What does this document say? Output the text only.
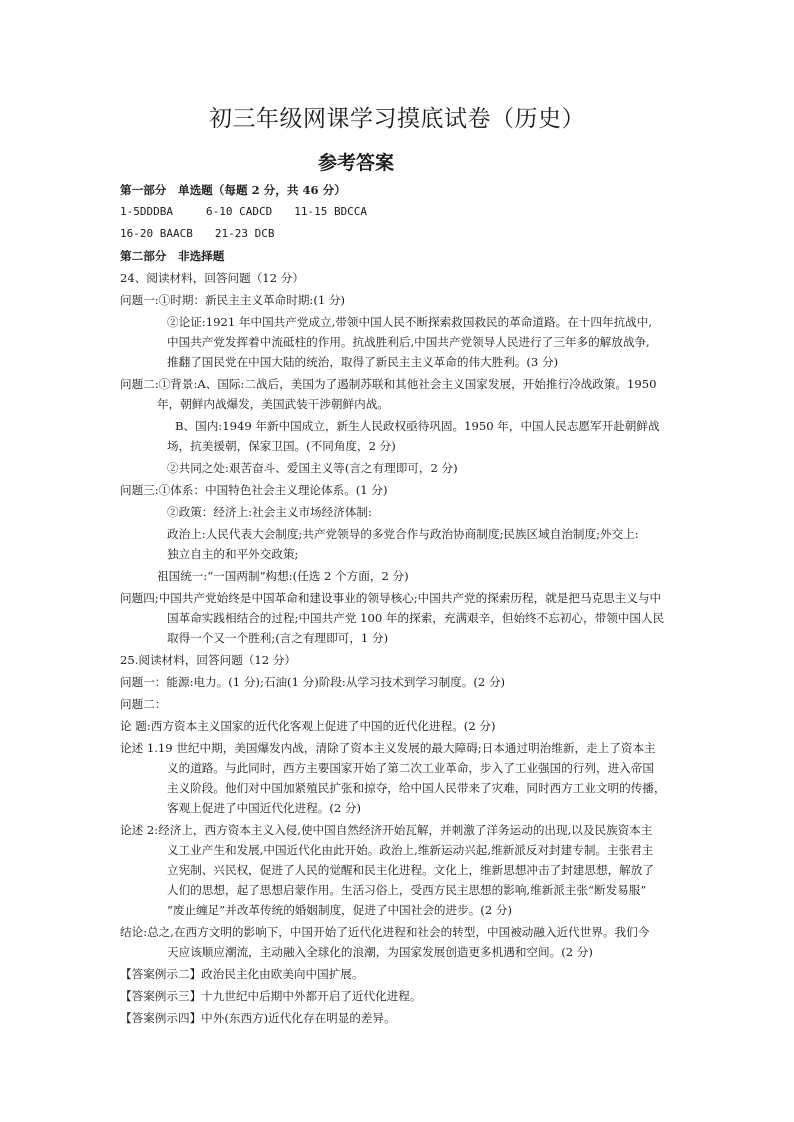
初三年级网课学习摸底试卷（历史）
参考答案
第一部分　单选题（每题 2 分，共 46 分）
1-5DDDBA　　　6-10 CADCD　　11-15 BDCCA
16-20 BAACB　　21-23 DCB
第二部分　非选择题
24、阅读材料，回答问题（12 分）
问题一:①时期：新民主主义革命时期:(1 分)
②论证:1921 年中国共产党成立,带领中国人民不断探索救国救民的革命道路。在十四年抗战中,
中国共产党发挥着中流砥柱的作用。抗战胜利后,中国共产党领导人民进行了三年多的解放战争,
推翻了国民党在中国大陆的统治，取得了新民主主义革命的伟大胜利。(3 分)
问题二:①背景:A、国际:二战后，美国为了遏制苏联和其他社会主义国家发展，开始推行冷战政策。1950
年，朝鲜内战爆发，美国武装干涉朝鲜内战。
B、国内:1949 年新中国成立，新生人民政权亟待巩固。1950 年，中国人民志愿军开赴朝鲜战
场，抗美援朝，保家卫国。(不同角度，2 分)
②共同之处:艰苦奋斗、爱国主义等(言之有理即可，2 分)
问题三:①体系：中国特色社会主义理论体系。(1 分)
②政策：经济上:社会主义市场经济体制:
政治上:人民代表大会制度;共产党领导的多党合作与政治协商制度;民族区域自治制度;外交上:
独立自主的和平外交政策;
祖国统一:“一国两制”构想:(任选 2 个方面，2 分)
问题四;中国共产党始终是中国革命和建设事业的领导核心;中国共产党的探索历程，就是把马克思主义与中
国革命实践相结合的过程;中国共产党 100 年的探索，充满艰辛，但始终不忘初心，带领中国人民
取得一个又一个胜利;(言之有理即可，1 分)
25.阅读材料，回答问题（12 分）
问题一：能源:电力。(1 分);石油(1 分)阶段:从学习技术到学习制度。(2 分)
问题二：
论 题:西方资本主义国家的近代化客观上促进了中国的近代化进程。(2 分)
论述 1.19 世纪中期，美国爆发内战，清除了资本主义发展的最大障碍;日本通过明治维新，走上了资本主
义的道路。与此同时，西方主要国家开始了第二次工业革命，步入了工业强国的行列，进入帝国
主义阶段。他们对中国加紧殖民扩张和掠夺，给中国人民带来了灾难，同时西方工业文明的传播，
客观上促进了中国近代化进程。(2 分)
论述 2:经济上，西方资本主义入侵,使中国自然经济开始瓦解，并刺激了洋务运动的出现,以及民族资本主
义工业产生和发展,中国近代化由此开始。政治上,维新运动兴起,维新派反对封建专制。主张君主
立宪制、兴民权，促进了人民的觉醒和民主化进程。文化上，维新思想冲击了封建思想，解放了
人们的思想，起了思想启蒙作用。生活习俗上，受西方民主思想的影响,维新派主张“断发易服”
“废止缠足”并改革传统的婚姻制度，促进了中国社会的进步。(2 分)
结论:总之,在西方文明的影响下，中国开始了近代化进程和社会的转型，中国被动融入近代世界。我们今
天应该顺应潮流，主动融入全球化的浪潮，为国家发展创造更多机遇和空间。(2 分)
【答案例示二】政治民主化由欧美向中国扩展。
【答案例示三】十九世纪中后期中外都开启了近代化进程。
【答案例示四】中外(东西方)近代化存在明显的差异。
